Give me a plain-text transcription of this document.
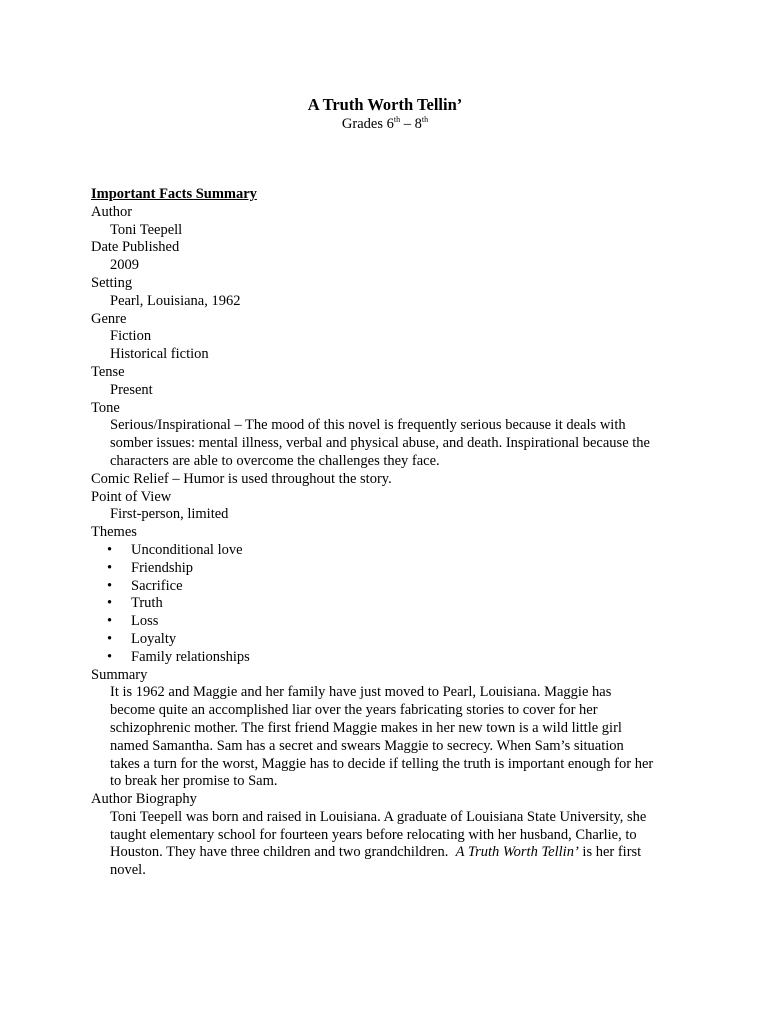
A Truth Worth Tellin’
Grades 6th – 8th
Important Facts Summary
Author
Toni Teepell
Date Published
2009
Setting
Pearl, Louisiana, 1962
Genre
Fiction
Historical fiction
Tense
Present
Tone
Serious/Inspirational – The mood of this novel is frequently serious because it deals with
somber issues: mental illness, verbal and physical abuse, and death. Inspirational because the
characters are able to overcome the challenges they face.
Comic Relief – Humor is used throughout the story.
Point of View
First-person, limited
Themes
• Unconditional love
• Friendship
• Sacrifice
• Truth
• Loss
• Loyalty
• Family relationships
Summary
It is 1962 and Maggie and her family have just moved to Pearl, Louisiana. Maggie has
become quite an accomplished liar over the years fabricating stories to cover for her
schizophrenic mother. The first friend Maggie makes in her new town is a wild little girl
named Samantha. Sam has a secret and swears Maggie to secrecy. When Sam’s situation
takes a turn for the worst, Maggie has to decide if telling the truth is important enough for her
to break her promise to Sam.
Author Biography
Toni Teepell was born and raised in Louisiana. A graduate of Louisiana State University, she
taught elementary school for fourteen years before relocating with her husband, Charlie, to
Houston. They have three children and two grandchildren.  A Truth Worth Tellin’ is her first
novel.
